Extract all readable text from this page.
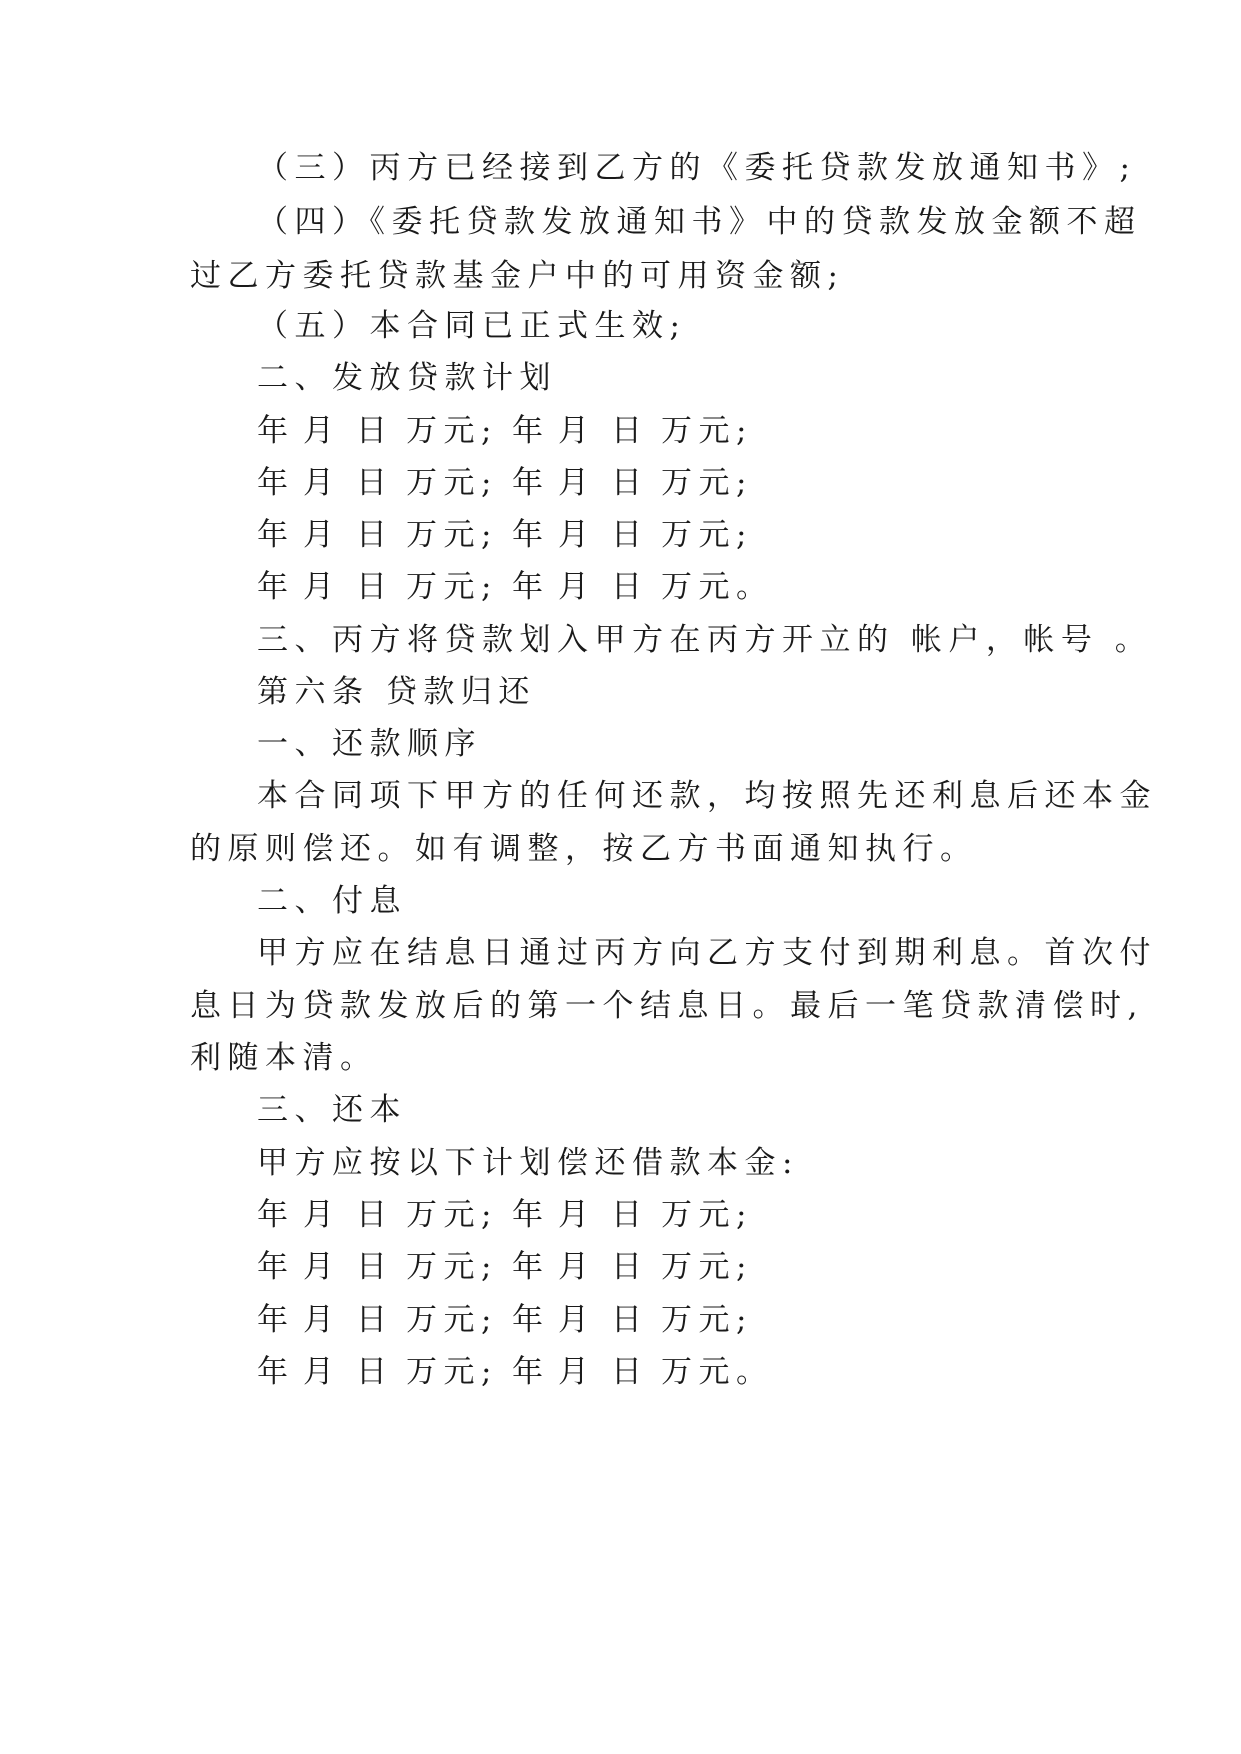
（三）丙方已经接到乙方的《委托贷款发放通知书》;
（四）《委托贷款发放通知书》中的贷款发放金额不超
过乙方委托贷款基金户中的可用资金额;
（五）本合同已正式生效;
二、发放贷款计划
年 月 日 万元; 年 月 日 万元;
年 月 日 万元; 年 月 日 万元;
年 月 日 万元; 年 月 日 万元;
年 月 日 万元; 年 月 日 万元。
三、丙方将贷款划入甲方在丙方开立的 帐户，帐号 。
第六条 贷款归还
一、还款顺序
本合同项下甲方的任何还款，均按照先还利息后还本金
的原则偿还。如有调整，按乙方书面通知执行。
二、付息
甲方应在结息日通过丙方向乙方支付到期利息。首次付
息日为贷款发放后的第一个结息日。最后一笔贷款清偿时,
利随本清。
三、还本
甲方应按以下计划偿还借款本金:
年 月 日 万元; 年 月 日 万元;
年 月 日 万元; 年 月 日 万元;
年 月 日 万元; 年 月 日 万元;
年 月 日 万元; 年 月 日 万元。
